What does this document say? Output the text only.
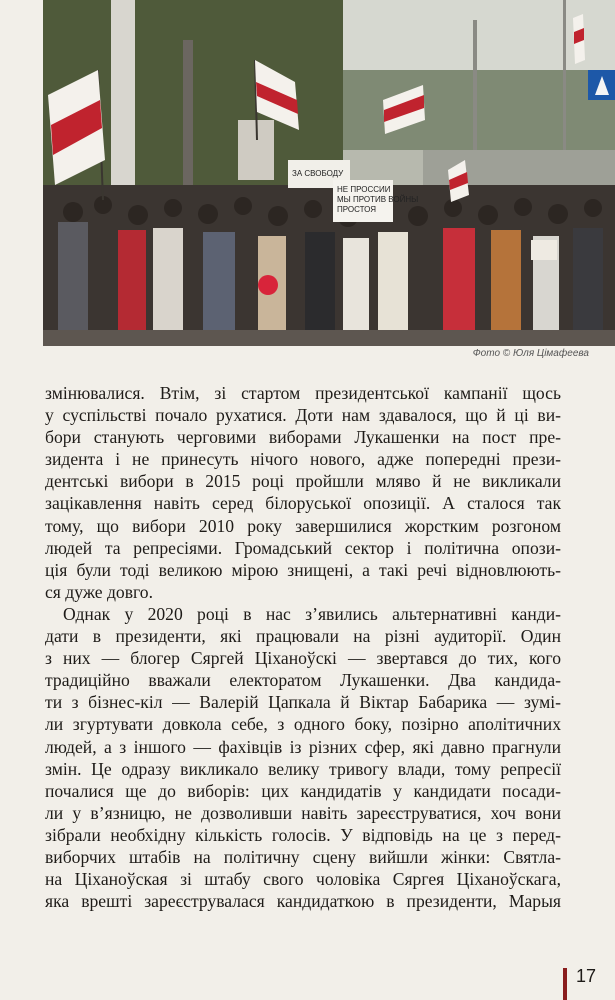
НЕ ПРОССИИ
МЫ ПРОТИВ ВОЙНЫ
ПРОСТОЯ
ЗА СВОБОДУ
Фото © Юля Цімафеева
змінювалися. Втім, зі стартом президентської кампанії щось
у суспільстві почало рухатися. Доти нам здавалося, що й ці ви-
бори станують черговими виборами Лукашенки на пост пре-
зидента і не принесуть нічого нового, адже попередні прези-
дентські вибори в 2015 році пройшли мляво й не викликали
зацікавлення навіть серед білоруської опозиції. А сталося так
тому, що вибори 2010 року завершилися жорстким розгоном
людей та репресіями. Громадський сектор і політична опози-
ція були тоді великою мірою знищені, а такі речі відновлюють-
ся дуже довго.
Однак у 2020 році в нас з’явились альтернативні канди-
дати в президенти, які працювали на різні аудиторії. Один
з них — блогер Сяргей Ціханоўскі — звертався до тих, кого
традиційно вважали електоратом Лукашенки. Два кандида-
ти з бізнес-кіл — Валерій Цапкала й Віктар Бабарика — зумі-
ли згуртувати довкола себе, з одного боку, позірно аполітичних
людей, а з іншого — фахівців із різних сфер, які давно прагнули
змін. Це одразу викликало велику тривогу влади, тому репресії
почалися ще до виборів: цих кандидатів у кандидати посади-
ли у в’язницю, не дозволивши навіть зареєструватися, хоч вони
зібрали необхідну кількість голосів. У відповідь на це з перед-
виборчих штабів на політичну сцену вийшли жінки: Святла-
на Ціханоўская зі штабу свого чоловіка Сяргея Ціханоўскага,
яка врешті зареєструвалася кандидаткою в президенти, Марыя
17
